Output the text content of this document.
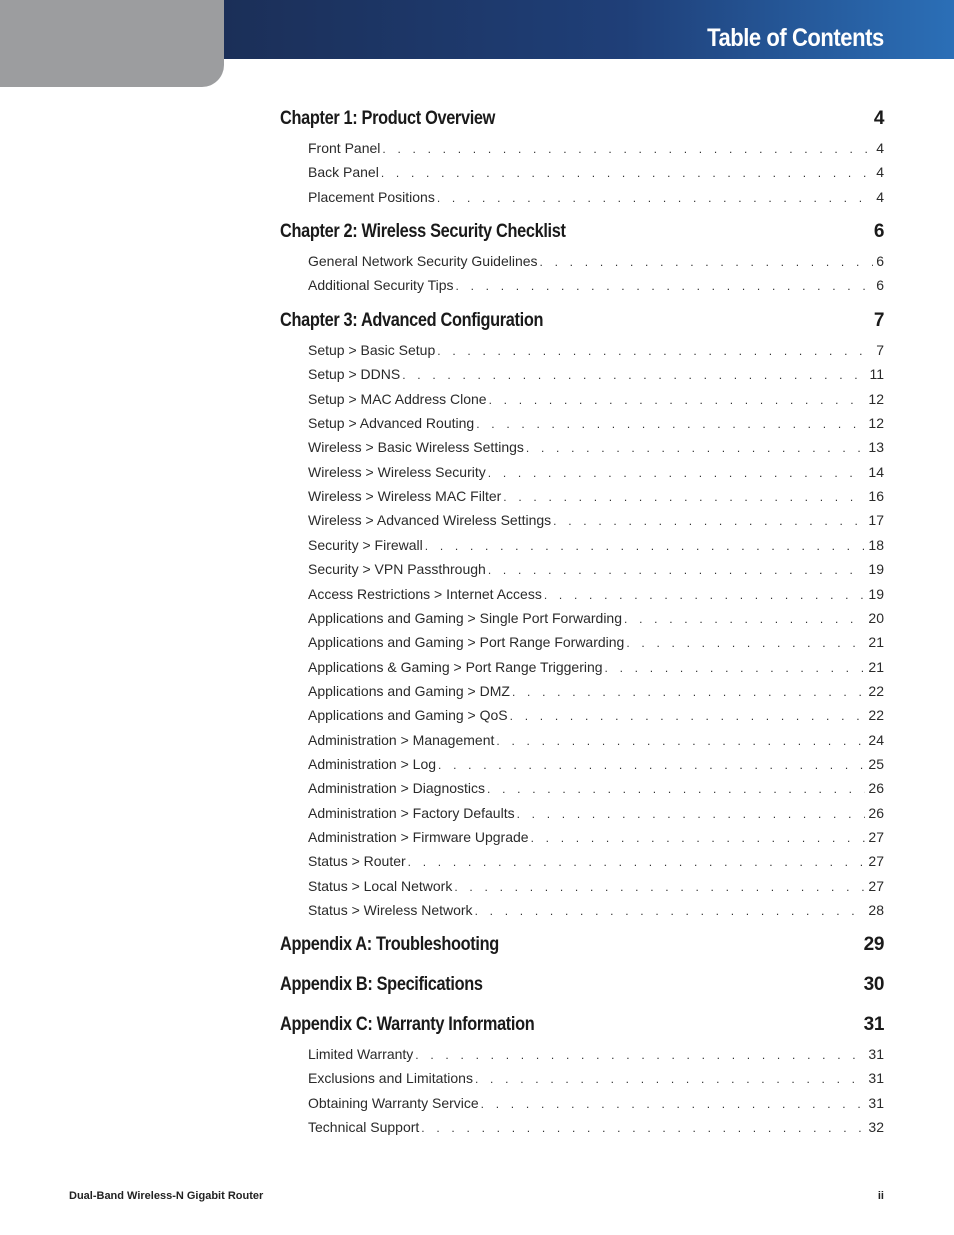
Table of Contents
Chapter 1: Product Overview	4
Front Panel . . .	4
Back Panel . . .	4
Placement Positions . . .	4
Chapter 2: Wireless Security Checklist	6
General Network Security Guidelines . . .	6
Additional Security Tips . . .	6
Chapter 3: Advanced Configuration	7
Setup > Basic Setup . . .	7
Setup > DDNS . . .	11
Setup > MAC Address Clone . . .	12
Setup > Advanced Routing . . .	12
Wireless > Basic Wireless Settings . . .	13
Wireless > Wireless Security . . .	14
Wireless > Wireless MAC Filter . . .	16
Wireless > Advanced Wireless Settings . . .	17
Security > Firewall . . .	18
Security > VPN Passthrough . . .	19
Access Restrictions > Internet Access . . .	19
Applications and Gaming > Single Port Forwarding . . .	20
Applications and Gaming > Port Range Forwarding . . .	21
Applications & Gaming > Port Range Triggering . . .	21
Applications and Gaming > DMZ . . .	22
Applications and Gaming > QoS . . .	22
Administration > Management . . .	24
Administration > Log . . .	25
Administration > Diagnostics . . .	26
Administration > Factory Defaults . . .	26
Administration > Firmware Upgrade . . .	27
Status > Router . . .	27
Status > Local Network . . .	27
Status > Wireless Network . . .	28
Appendix A: Troubleshooting	29
Appendix B: Specifications	30
Appendix C: Warranty Information	31
Limited Warranty . . .	31
Exclusions and Limitations . . .	31
Obtaining Warranty Service . . .	31
Technical Support . . .	32
Dual-Band Wireless-N Gigabit Router	ii
